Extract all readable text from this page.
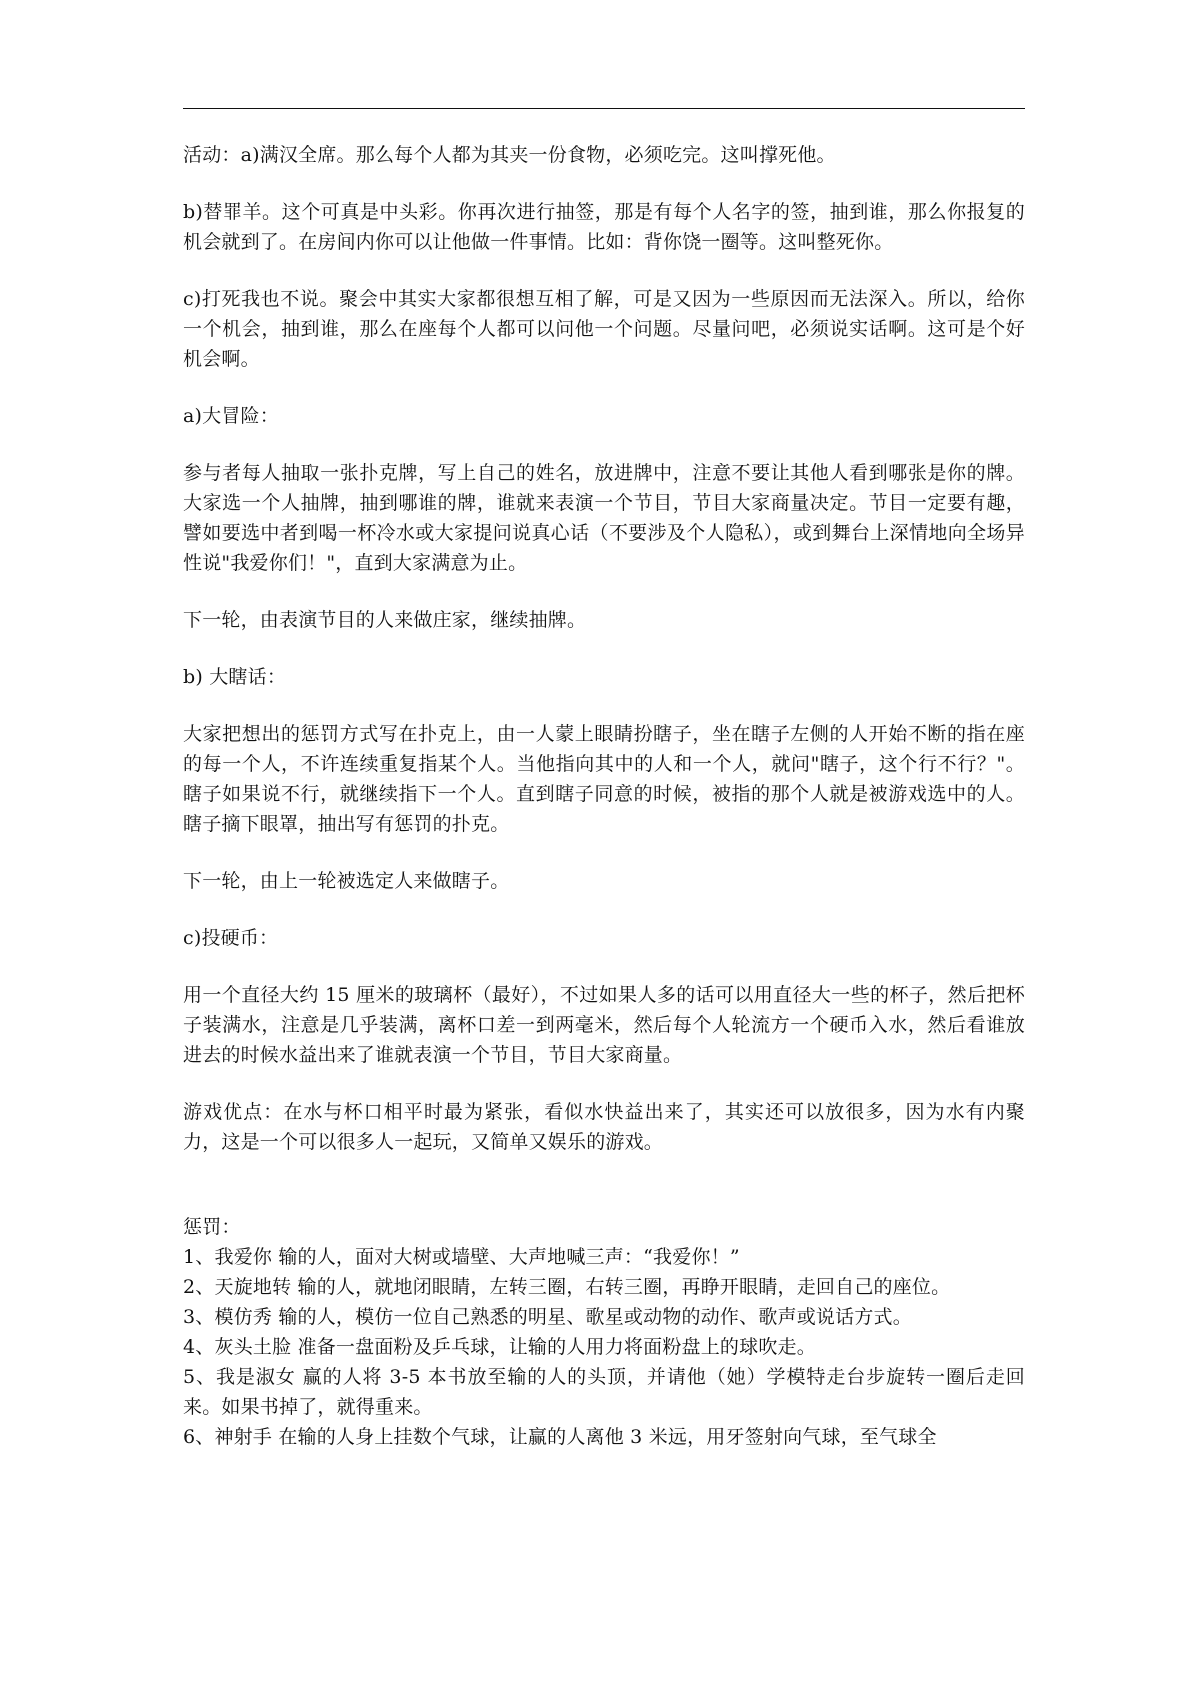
活动：a)满汉全席。那么每个人都为其夹一份食物，必须吃完。这叫撑死他。

b)替罪羊。这个可真是中头彩。你再次进行抽签，那是有每个人名字的签，抽到谁，那么你报复的机会就到了。在房间内你可以让他做一件事情。比如：背你饶一圈等。这叫整死你。

c)打死我也不说。聚会中其实大家都很想互相了解，可是又因为一些原因而无法深入。所以，给你一个机会，抽到谁，那么在座每个人都可以问他一个问题。尽量问吧，必须说实话啊。这可是个好机会啊。

a)大冒险：

参与者每人抽取一张扑克牌，写上自己的姓名，放进牌中，注意不要让其他人看到哪张是你的牌。大家选一个人抽牌，抽到哪谁的牌，谁就来表演一个节目，节目大家商量决定。节目一定要有趣，譬如要选中者到喝一杯冷水或大家提问说真心话（不要涉及个人隐私），或到舞台上深情地向全场异性说"我爱你们！"，直到大家满意为止。

下一轮，由表演节目的人来做庄家，继续抽牌。

b) 大瞎话：

大家把想出的惩罚方式写在扑克上，由一人蒙上眼睛扮瞎子，坐在瞎子左侧的人开始不断的指在座的每一个人，不许连续重复指某个人。当他指向其中的人和一个人，就问"瞎子，这个行不行？"。瞎子如果说不行，就继续指下一个人。直到瞎子同意的时候，被指的那个人就是被游戏选中的人。瞎子摘下眼罩，抽出写有惩罚的扑克。

下一轮，由上一轮被选定人来做瞎子。

c)投硬币：

用一个直径大约 15 厘米的玻璃杯（最好），不过如果人多的话可以用直径大一些的杯子，然后把杯子装满水，注意是几乎装满，离杯口差一到两毫米，然后每个人轮流方一个硬币入水，然后看谁放进去的时候水益出来了谁就表演一个节目，节目大家商量。

游戏优点：在水与杯口相平时最为紧张，看似水快益出来了，其实还可以放很多，因为水有内聚力，这是一个可以很多人一起玩，又简单又娱乐的游戏。

惩罚：

1、我爱你 输的人，面对大树或墙壁、大声地喊三声：“我爱你！”
2、天旋地转 输的人，就地闭眼睛，左转三圈，右转三圈，再睁开眼睛，走回自己的座位。
3、模仿秀 输的人，模仿一位自己熟悉的明星、歌星或动物的动作、歌声或说话方式。
4、灰头土脸 准备一盘面粉及乒乓球，让输的人用力将面粉盘上的球吹走。
5、我是淑女 赢的人将 3-5 本书放至输的人的头顶，并请他（她）学模特走台步旋转一圈后走回来。如果书掉了，就得重来。
6、神射手 在输的人身上挂数个气球，让赢的人离他 3 米远，用牙签射向气球，至气球全
